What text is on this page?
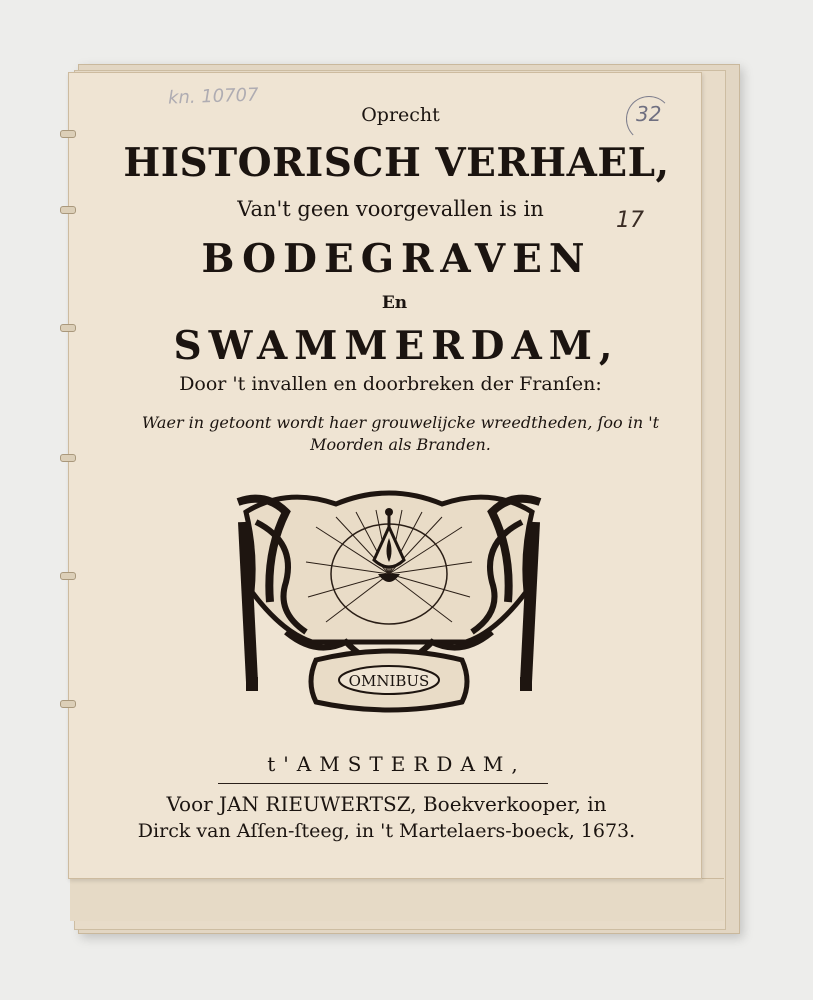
kn. 10707
32
17
Oprecht
HISTORISCH VERHAEL,
Van't geen voorgevallen is in
BODEGRAVEN
En
SWAMMERDAM,
Door 't invallen en doorbreken der Franſen:
Waer in getoont wordt haer grouwelijcke wreedtheden, ſoo in 't
Moorden als Branden.
OMNIBUS
t'AMSTERDAM,
Voor JAN RIEUWERTSZ, Boekverkooper, in
Dirck van Aſſen-ſteeg, in 't Martelaers-boeck, 1673.
